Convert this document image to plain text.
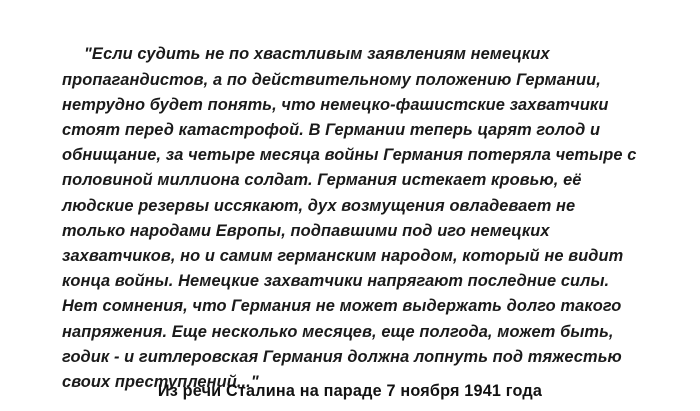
"Если судить не по хвастливым заявлениям немецких пропагандистов, а по действительному положению Германии, нетрудно будет понять, что немецко-фашистские захватчики стоят перед катастрофой. В Германии теперь царят голод и обнищание, за четыре месяца войны Германия потеряла четыре с половиной миллиона солдат. Германия истекает кровью, её людские резервы иссякают, дух возмущения овладевает не только народами Европы, подпавшими под иго немецких захватчиков, но и самим германским народом, который не видит конца войны. Немецкие захватчики напрягают последние силы. Нет сомнения, что Германия не может выдержать долго такого напряжения. Еще несколько месяцев, еще полгода, может быть, годик - и гитлеровская Германия должна лопнуть под тяжестью своих преступлений..."

Из речи Сталина на параде 7 ноября 1941 года
